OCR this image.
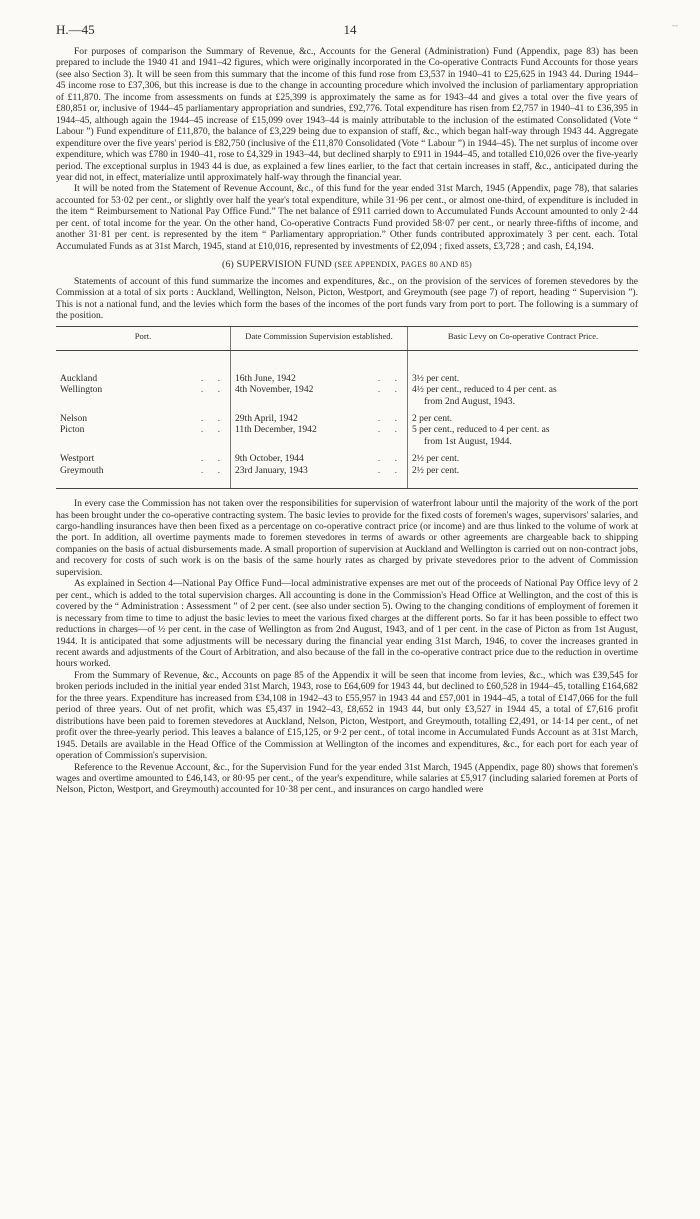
H.—45	14	--

For purposes of comparison the Summary of Revenue, &c., Accounts for the General (Administration) Fund (Appendix, page 83) has been prepared to include the 1940 41 and 1941–42 figures, which were originally incorporated in the Co-operative Contracts Fund Accounts for those years (see also Section 3). It will be seen from this summary that the income of this fund rose from £3,537 in 1940–41 to £25,625 in 1943 44. During 1944–45 income rose to £37,306, but this increase is due to the change in accounting procedure which involved the inclusion of parliamentary appropriation of £11,870. The income from assessments on funds at £25,399 is approximately the same as for 1943–44 and gives a total over the five years of £80,851 or, inclusive of 1944–45 parliamentary appropriation and sundries, £92,776. Total expenditure has risen from £2,757 in 1940–41 to £36,395 in 1944–45, although again the 1944–45 increase of £15,099 over 1943–44 is mainly attributable to the inclusion of the estimated Consolidated (Vote “ Labour ”) Fund expenditure of £11,870, the balance of £3,229 being due to expansion of staff, &c., which began half-way through 1943 44. Aggregate expenditure over the five years' period is £82,750 (inclusive of the £11,870 Consolidated (Vote “ Labour ”) in 1944–45). The net surplus of income over expenditure, which was £780 in 1940–41, rose to £4,329 in 1943–44, but declined sharply to £911 in 1944–45, and totalled £10,026 over the five-yearly period. The exceptional surplus in 1943 44 is due, as explained a few lines earlier, to the fact that certain increases in staff, &c., anticipated during the year did not, in effect, materialize until approximately half-way through the financial year.

It will be noted from the Statement of Revenue Account, &c., of this fund for the year ended 31st March, 1945 (Appendix, page 78), that salaries accounted for 53·02 per cent., or slightly over half the year's total expenditure, while 31·96 per cent., or almost one-third, of expenditure is included in the item “ Reimbursement to National Pay Office Fund.” The net balance of £911 carried down to Accumulated Funds Account amounted to only 2·44 per cent. of total income for the year. On the other hand, Co-operative Contracts Fund provided 58·07 per cent., or nearly three-fifths of income, and another 31·81 per cent. is represented by the item “ Parliamentary appropriation.” Other funds contributed approximately 3 per cent. each. Total Accumulated Funds as at 31st March, 1945, stand at £10,016, represented by investments of £2,094 ; fixed assets, £3,728 ; and cash, £4,194.

(6) SUPERVISION FUND (SEE APPENDIX, PAGES 80 AND 85)

Statements of account of this fund summarize the incomes and expenditures, &c., on the provision of the services of foremen stevedores by the Commission at a total of six ports : Auckland, Wellington, Nelson, Picton, Westport, and Greymouth (see page 7) of report, heading “ Supervision ”). This is not a national fund, and the levies which form the bases of the incomes of the port funds vary from port to port. The following is a summary of the position.

Port.	Date Commission Supervision established.	Basic Levy on Co-operative Contract Price.
Auckland . .	16th June, 1942 . .	3½ per cent.
Wellington . .	4th November, 1942 . .	4½ per cent., reduced to 4 per cent. as
from 2nd August, 1943.
Nelson . .	29th April, 1942 . .	2 per cent.
Picton . .	11th December, 1942 . .	5 per cent., reduced to 4 per cent. as
from 1st August, 1944.
Westport . .	9th October, 1944 . .	2½ per cent.
Greymouth . .	23rd January, 1943 . .	2½ per cent.

In every case the Commission has not taken over the responsibilities for supervision of waterfront labour until the majority of the work of the port has been brought under the co-operative contracting system. The basic levies to provide for the fixed costs of foremen's wages, supervisors' salaries, and cargo-handling insurances have then been fixed as a percentage on co-operative contract price (or income) and are thus linked to the volume of work at the port. In addition, all overtime payments made to foremen stevedores in terms of awards or other agreements are chargeable back to shipping companies on the basis of actual disbursements made. A small proportion of supervision at Auckland and Wellington is carried out on non-contract jobs, and recovery for costs of such work is on the basis of the same hourly rates as charged by private stevedores prior to the advent of Commission supervision.

As explained in Section 4—National Pay Office Fund—local administrative expenses are met out of the proceeds of National Pay Office levy of 2 per cent., which is added to the total supervision charges. All accounting is done in the Commission's Head Office at Wellington, and the cost of this is covered by the “ Administration : Assessment ” of 2 per cent. (see also under section 5). Owing to the changing conditions of employment of foremen it is necessary from time to time to adjust the basic levies to meet the various fixed charges at the different ports. So far it has been possible to effect two reductions in charges—of ½ per cent. in the case of Wellington as from 2nd August, 1943, and of 1 per cent. in the case of Picton as from 1st August, 1944. It is anticipated that some adjustments will be necessary during the financial year ending 31st March, 1946, to cover the increases granted in recent awards and adjustments of the Court of Arbitration, and also because of the fall in the co-operative contract price due to the reduction in overtime hours worked.

From the Summary of Revenue, &c., Accounts on page 85 of the Appendix it will be seen that income from levies, &c., which was £39,545 for broken periods included in the initial year ended 31st March, 1943, rose to £64,609 for 1943 44, but declined to £60,528 in 1944–45, totalling £164,682 for the three years. Expenditure has increased from £34,108 in 1942–43 to £55,957 in 1943 44 and £57,001 in 1944–45, a total of £147,066 for the full period of three years. Out of net profit, which was £5,437 in 1942–43, £8,652 in 1943 44, but only £3,527 in 1944 45, a total of £7,616 profit distributions have been paid to foremen stevedores at Auckland, Nelson, Picton, Westport, and Greymouth, totalling £2,491, or 14·14 per cent., of net profit over the three-yearly period. This leaves a balance of £15,125, or 9·2 per cent., of total income in Accumulated Funds Account as at 31st March, 1945. Details are available in the Head Office of the Commission at Wellington of the incomes and expenditures, &c., for each port for each year of operation of Commission's supervision.

Reference to the Revenue Account, &c., for the Supervision Fund for the year ended 31st March, 1945 (Appendix, page 80) shows that foremen's wages and overtime amounted to £46,143, or 80·95 per cent., of the year's expenditure, while salaries at £5,917 (including salaried foremen at Ports of Nelson, Picton, Westport, and Greymouth) accounted for 10·38 per cent., and insurances on cargo handled were
